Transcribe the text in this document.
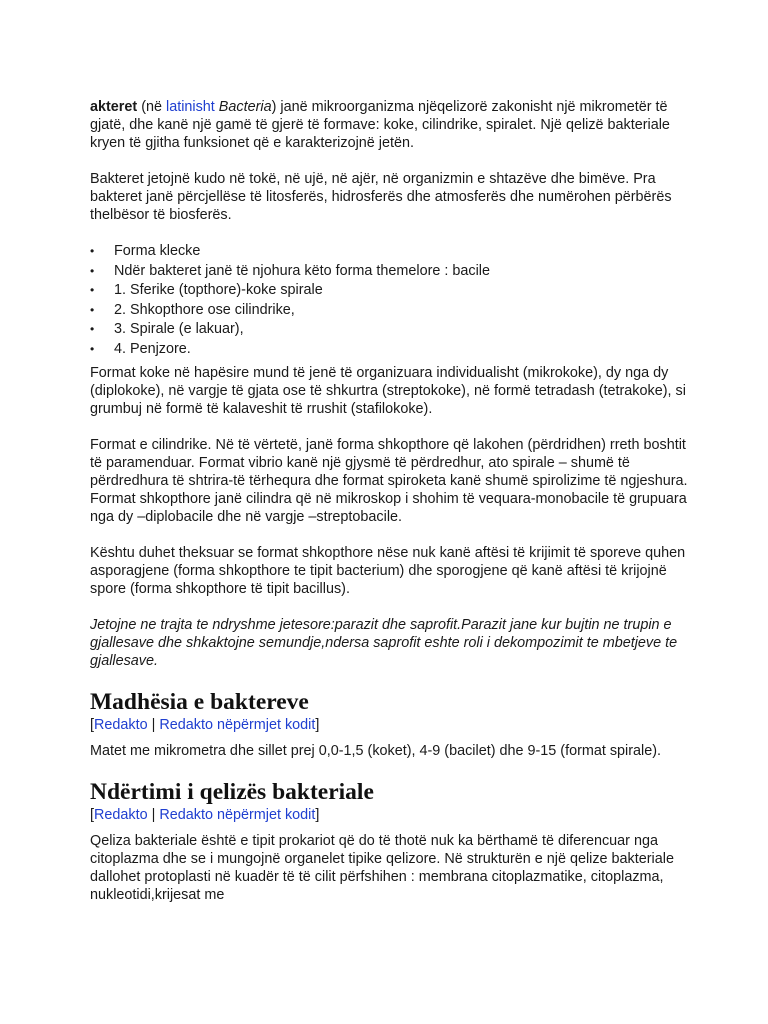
akteret (në latinisht Bacteria) janë mikroorganizma njëqelizorë zakonisht një mikrometër të gjatë, dhe kanë një gamë të gjerë të formave: koke, cilindrike, spiralet. Një qelizë bakteriale kryen të gjitha funksionet që e karakterizojnë jetën.

Bakteret jetojnë kudo në tokë, në ujë, në ajër, në organizmin e shtazëve dhe bimëve. Pra bakteret janë përcjellëse të litosferës, hidrosferës dhe atmosferës dhe numërohen përbërës thelbësor të biosferës.

• Forma klecke
• Ndër bakteret janë të njohura këto forma themelore : bacile
• 1. Sferike (topthore)-koke spirale
• 2. Shkopthore ose cilindrike,
• 3. Spirale (e lakuar),
• 4. Penjzore.

Format koke në hapësire mund të jenë të organizuara individualisht (mikrokoke), dy nga dy (diplokoke), në vargje të gjata ose të shkurtra (streptokoke), në formë tetradash (tetrakoke), si grumbuj në formë të kalaveshit të rrushit (stafilokoke).

Format e cilindrike. Në të vërtetë, janë forma shkopthore që lakohen (përdridhen) rreth boshtit të paramenduar. Format vibrio kanë një gjysmë të përdredhur, ato spirale – shumë të përdredhura të shtrira-të tërhequra dhe format spiroketa kanë shumë spirolizime të ngjeshura. Format shkopthore janë cilindra që në mikroskop i shohim të vequara-monobacile të grupuara nga dy –diplobacile dhe në vargje –streptobacile.

Kështu duhet theksuar se format shkopthore nëse nuk kanë aftësi të krijimit të sporeve quhen asporagjene (forma shkopthore te tipit bacterium) dhe sporogjene që kanë aftësi të krijojnë spore (forma shkopthore të tipit bacillus).

Jetojne ne trajta te ndryshme jetesore:parazit dhe saprofit.Parazit jane kur bujtin ne trupin e gjallesave dhe shkaktojne semundje,ndersa saprofit eshte roli i dekompozimit te mbetjeve te gjallesave.

Madhësia e baktereve

[Redakto | Redakto nëpërmjet kodit]

Matet me mikrometra dhe sillet prej 0,0-1,5 (koket), 4-9 (bacilet) dhe 9-15 (format spirale).

Ndërtimi i qelizës bakteriale

[Redakto | Redakto nëpërmjet kodit]

Qeliza bakteriale është e tipit prokariot që do të thotë nuk ka bërthamë të diferencuar nga citoplazma dhe se i mungojnë organelet tipike qelizore. Në strukturën e një qelize bakteriale dallohet protoplasti në kuadër të të cilit përfshihen : membrana citoplazmatike, citoplazma, nukleotidi,krijesat me
